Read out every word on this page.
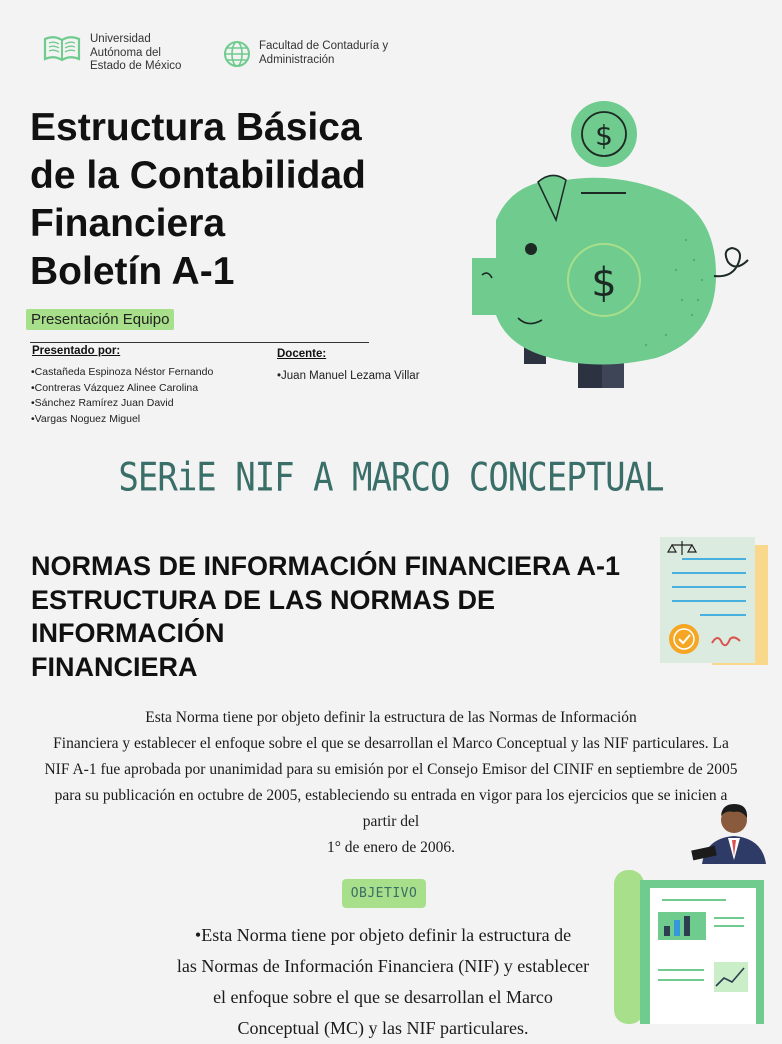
Universidad
Autónoma del
Estado de México
Facultad de Contaduría y
Administración
Estructura Básica
de la Contabilidad
Financiera
Boletín A-1
Presentación Equipo
Presentado por:
•Castañeda Espinoza Néstor Fernando
•Contreras Vázquez Alinee Carolina
•Sánchez Ramírez Juan David
•Vargas Noguez Miguel
Docente:
•Juan Manuel Lezama Villar
$
$
SERiE NIF A MARCO CONCEPTUAL
NORMAS DE INFORMACIÓN FINANCIERA A-1
ESTRUCTURA DE LAS NORMAS DE
INFORMACIÓN
FINANCIERA
Esta Norma tiene por objeto definir la estructura de las Normas de Información
Financiera y establecer el enfoque sobre el que se desarrollan el Marco Conceptual y las NIF particulares. La
NIF A-1 fue aprobada por unanimidad para su emisión por el Consejo Emisor del CINIF en septiembre de 2005
para su publicación en octubre de 2005, estableciendo su entrada en vigor para los ejercicios que se inicien a
partir del
1° de enero de 2006.
OBJETIVO
•Esta Norma tiene por objeto definir la estructura de
las Normas de Información Financiera (NIF) y establecer
el enfoque sobre el que se desarrollan el Marco
Conceptual (MC) y las NIF particulares.
